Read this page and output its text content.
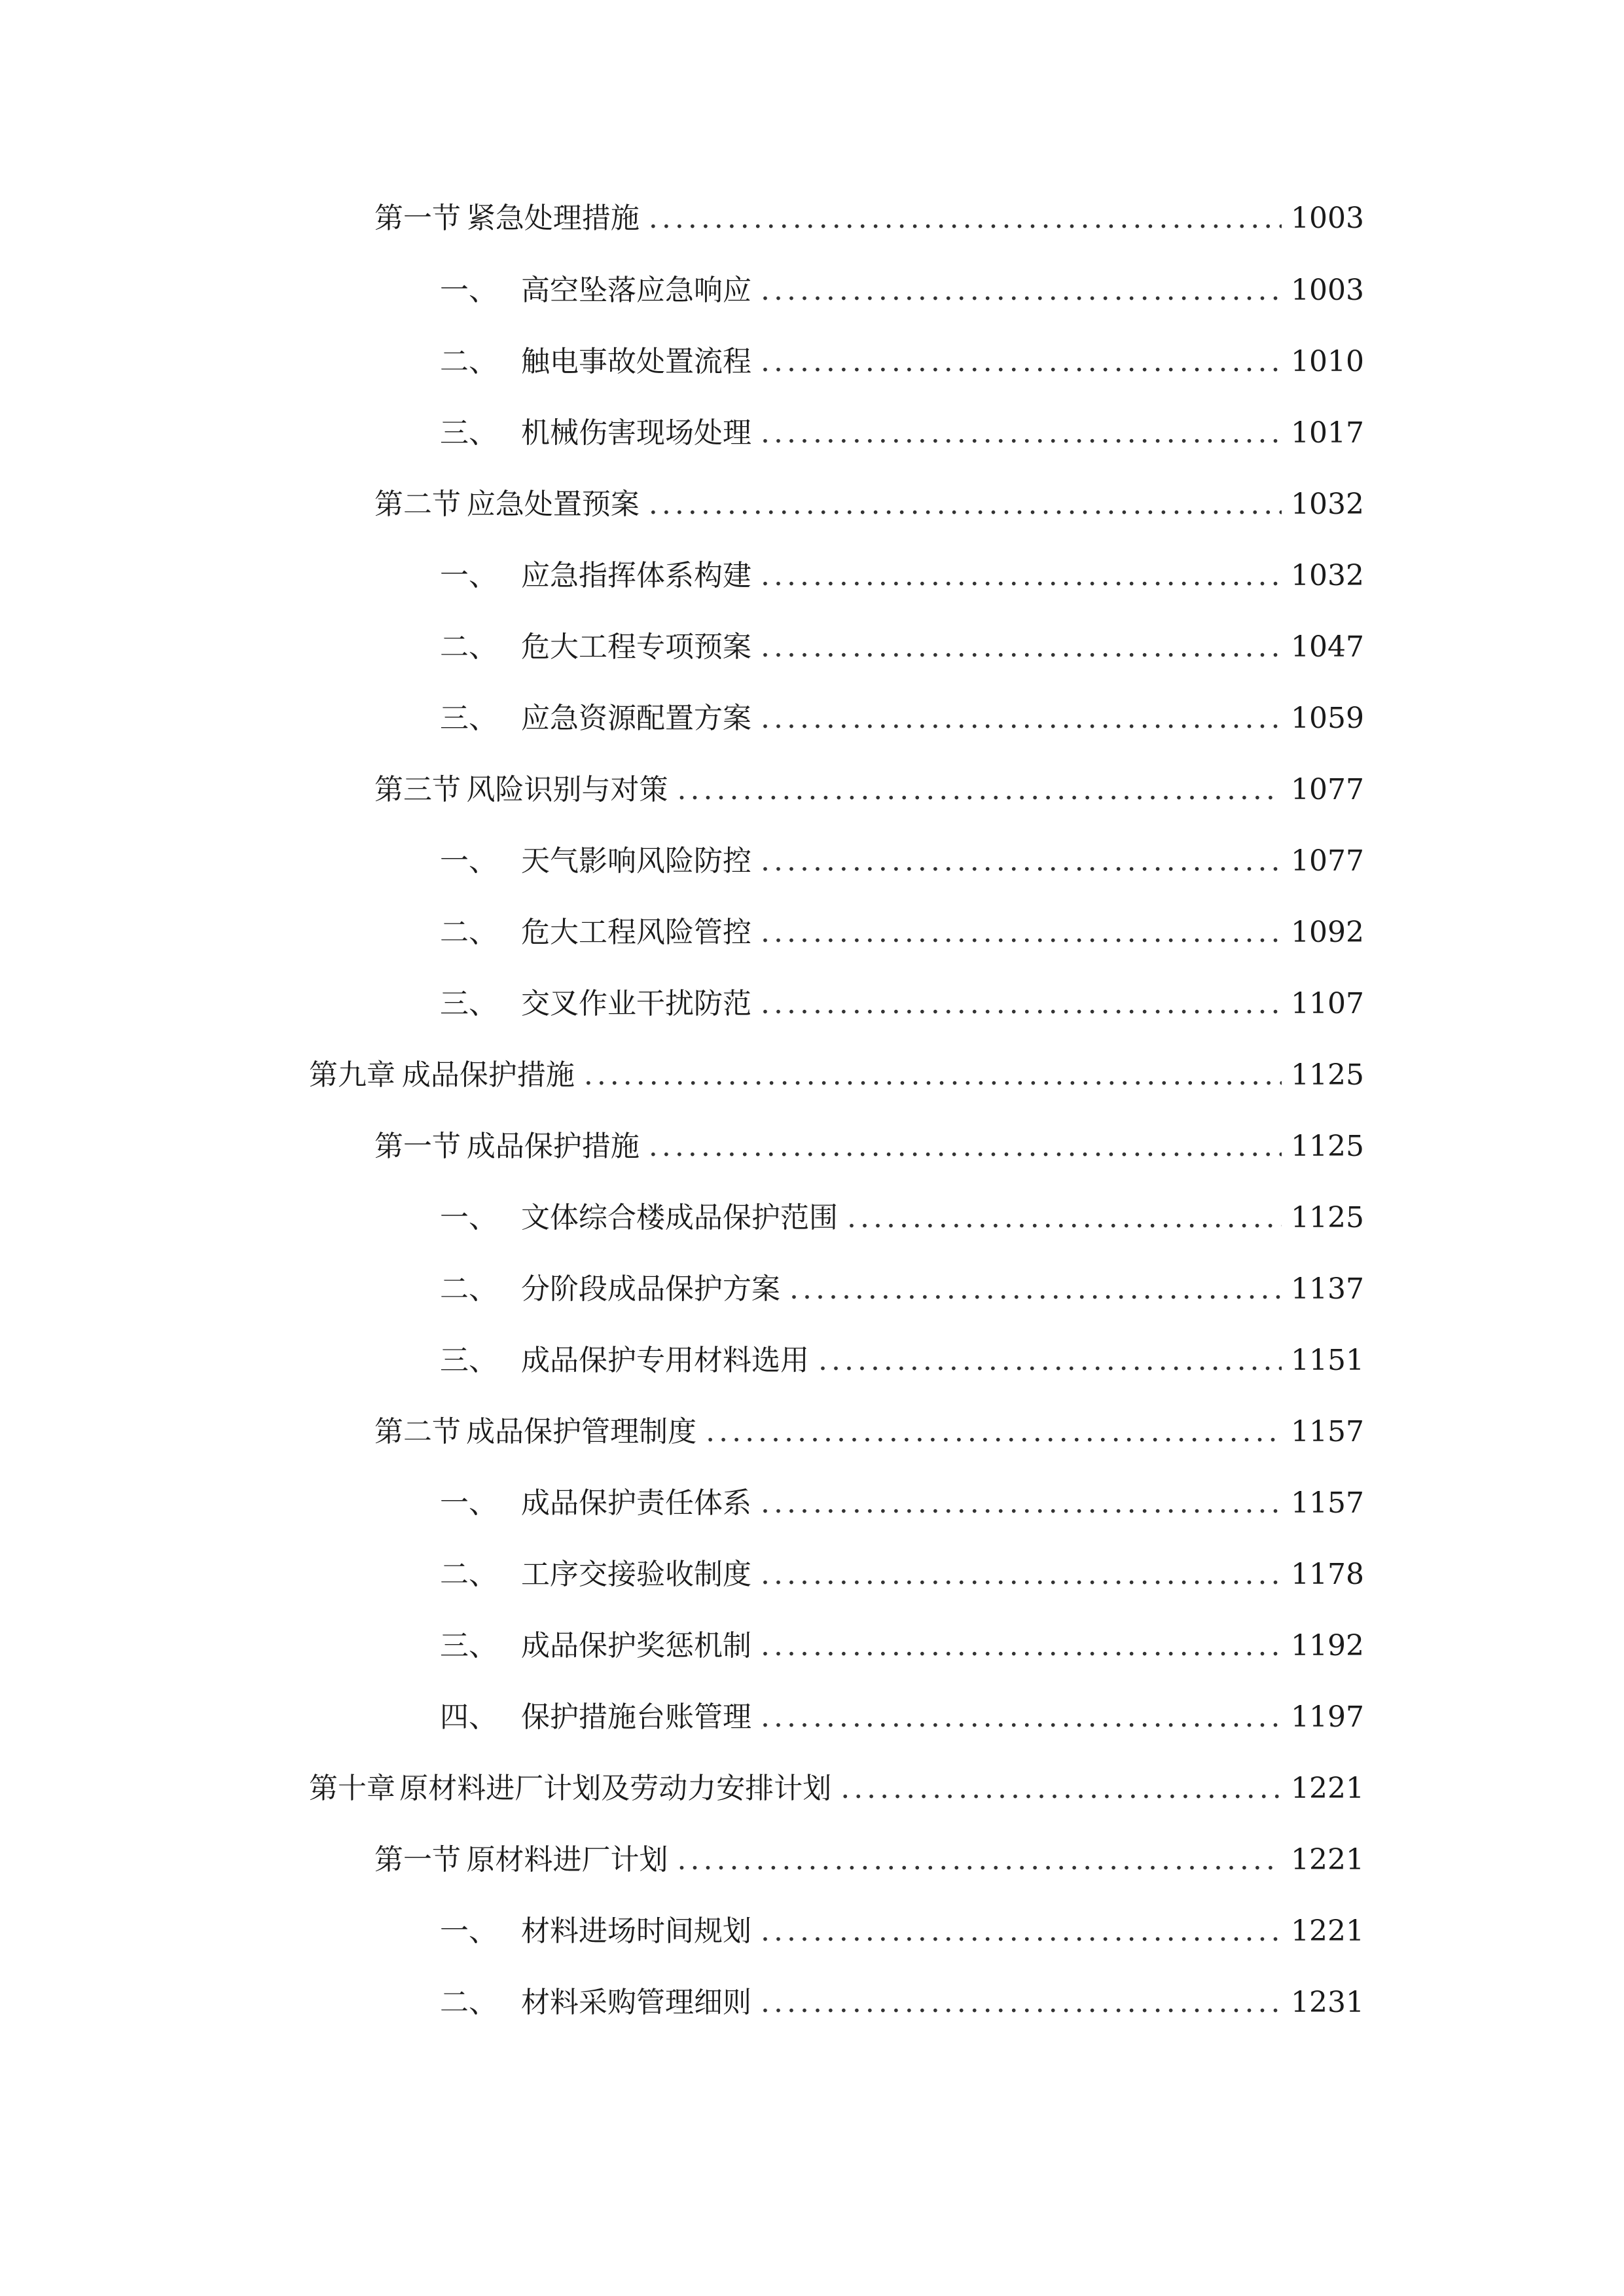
第一节 紧急处理措施 .....	1003
一、 高空坠落应急响应 .....	1003
二、 触电事故处置流程 .....	1010
三、 机械伤害现场处理 .....	1017
第二节 应急处置预案 .....	1032
一、 应急指挥体系构建 .....	1032
二、 危大工程专项预案 .....	1047
三、 应急资源配置方案 .....	1059
第三节 风险识别与对策 .....	1077
一、 天气影响风险防控 .....	1077
二、 危大工程风险管控 .....	1092
三、 交叉作业干扰防范 .....	1107
第九章 成品保护措施 .....	1125
第一节 成品保护措施 .....	1125
一、 文体综合楼成品保护范围 .....	1125
二、 分阶段成品保护方案 .....	1137
三、 成品保护专用材料选用 .....	1151
第二节 成品保护管理制度 .....	1157
一、 成品保护责任体系 .....	1157
二、 工序交接验收制度 .....	1178
三、 成品保护奖惩机制 .....	1192
四、 保护措施台账管理 .....	1197
第十章 原材料进厂计划及劳动力安排计划 .....	1221
第一节 原材料进厂计划 .....	1221
一、 材料进场时间规划 .....	1221
二、 材料采购管理细则 .....	1231
